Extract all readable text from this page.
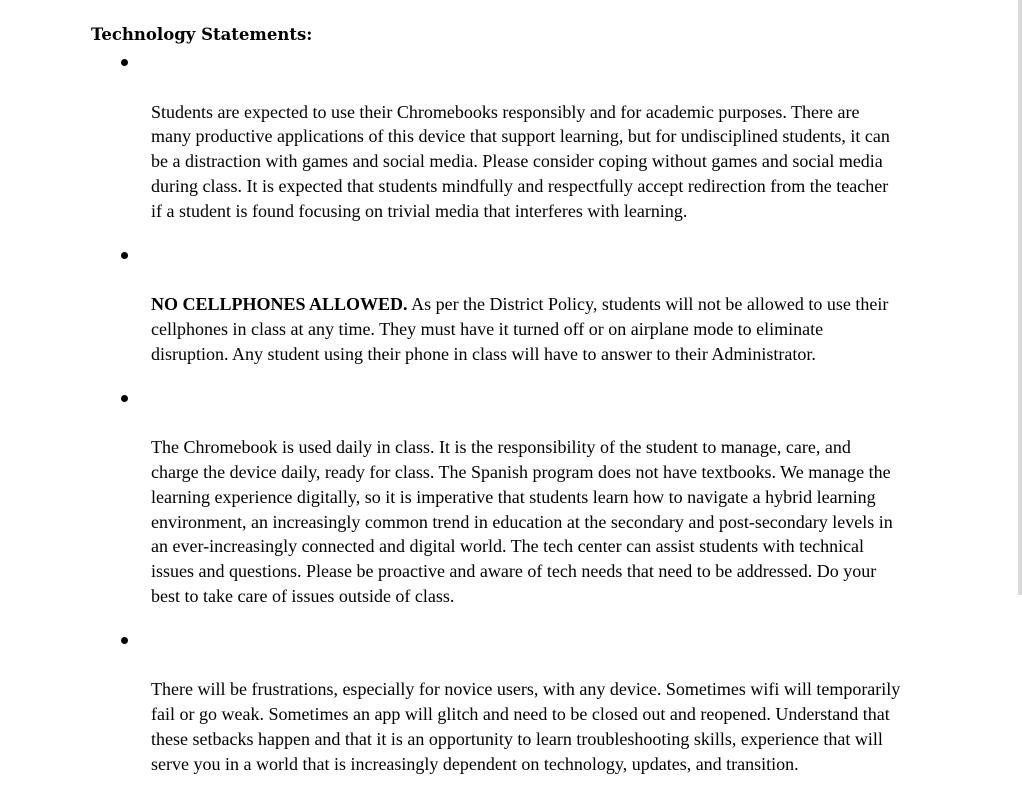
Technology Statements:

Students are expected to use their Chromebooks responsibly and for academic purposes. There are
many productive applications of this device that support learning, but for undisciplined students, it can
be a distraction with games and social media. Please consider coping without games and social media
during class. It is expected that students mindfully and respectfully accept redirection from the teacher
if a student is found focusing on trivial media that interferes with learning.

NO CELLPHONES ALLOWED. As per the District Policy, students will not be allowed to use their
cellphones in class at any time. They must have it turned off or on airplane mode to eliminate
disruption. Any student using their phone in class will have to answer to their Administrator.

The Chromebook is used daily in class. It is the responsibility of the student to manage, care, and
charge the device daily, ready for class. The Spanish program does not have textbooks. We manage the
learning experience digitally, so it is imperative that students learn how to navigate a hybrid learning
environment, an increasingly common trend in education at the secondary and post-secondary levels in
an ever-increasingly connected and digital world. The tech center can assist students with technical
issues and questions. Please be proactive and aware of tech needs that need to be addressed. Do your
best to take care of issues outside of class.

There will be frustrations, especially for novice users, with any device. Sometimes wifi will temporarily
fail or go weak. Sometimes an app will glitch and need to be closed out and reopened. Understand that
these setbacks happen and that it is an opportunity to learn troubleshooting skills, experience that will
serve you in a world that is increasingly dependent on technology, updates, and transition.
